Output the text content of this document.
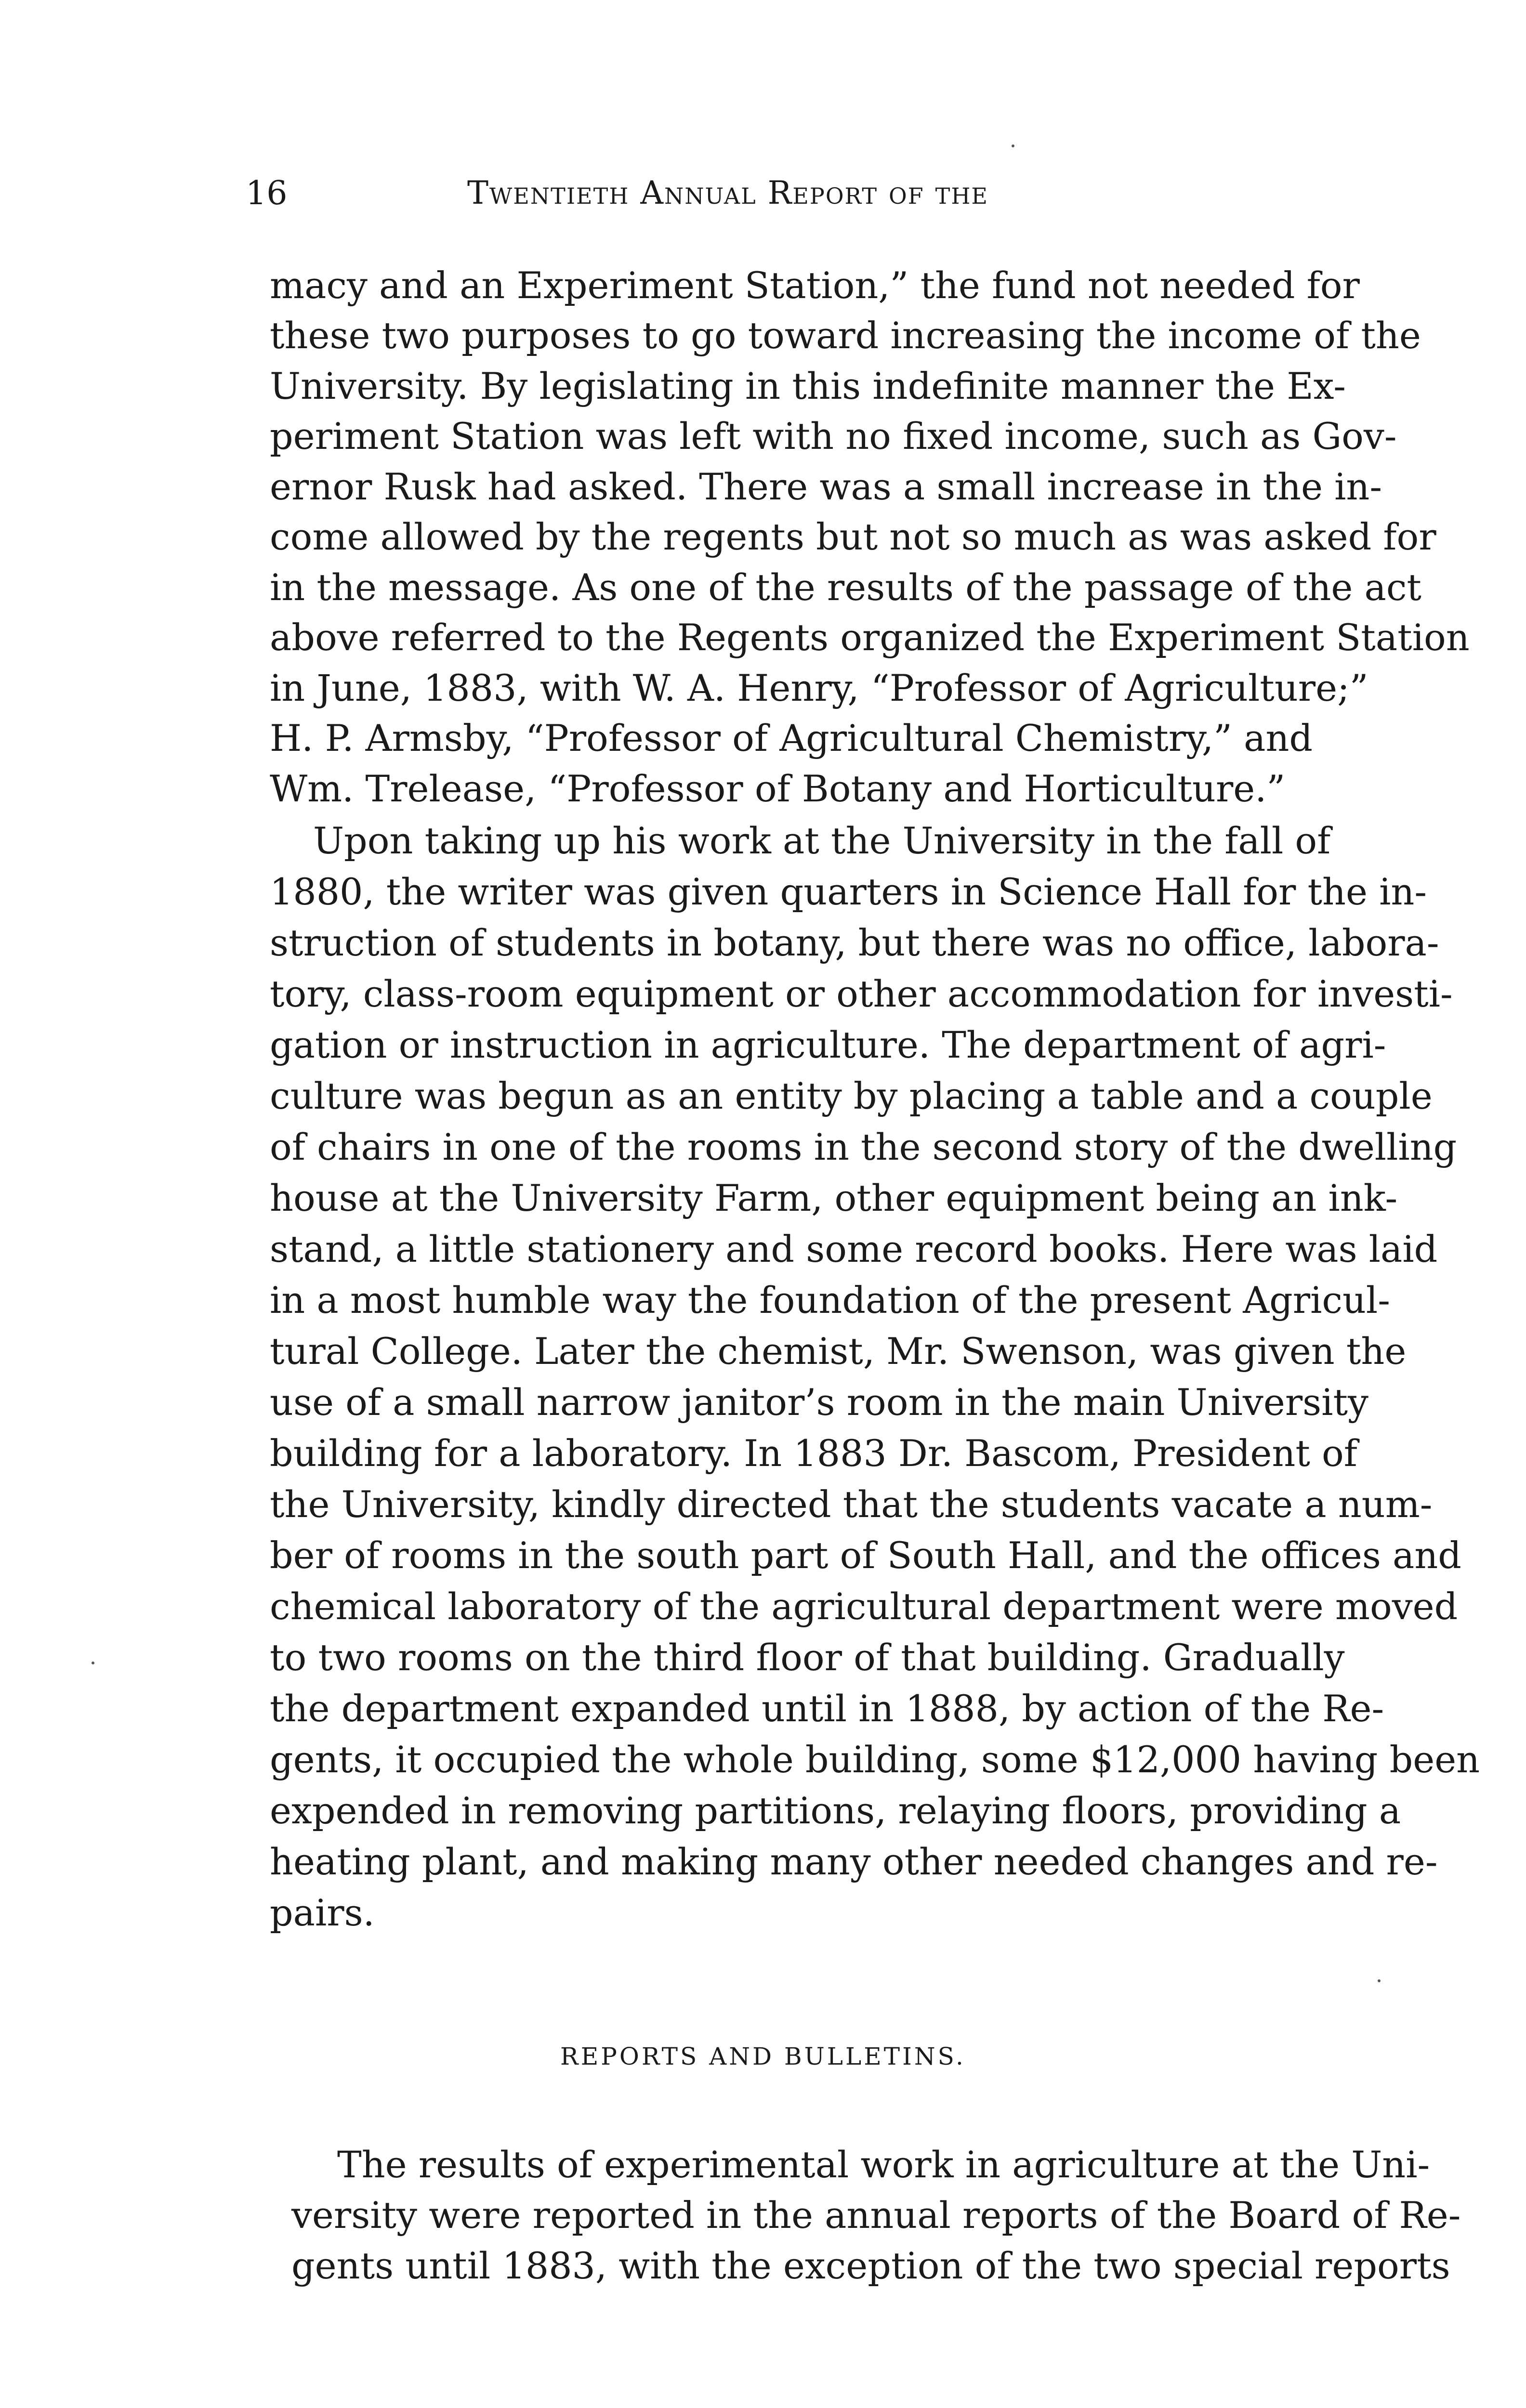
16	Twentieth Annual Report of the
macy and an Experiment Station,” the fund not needed for
these two purposes to go toward increasing the income of the
University. By legislating in this indefinite manner the Ex-
periment Station was left with no fixed income, such as Gov-
ernor Rusk had asked. There was a small increase in the in-
come allowed by the regents but not so much as was asked for
in the message. As one of the results of the passage of the act
above referred to the Regents organized the Experiment Station
in June, 1883, with W. A. Henry, “Professor of Agriculture;”
H. P. Armsby, “Professor of Agricultural Chemistry,” and
Wm. Trelease, “Professor of Botany and Horticulture.”
Upon taking up his work at the University in the fall of
1880, the writer was given quarters in Science Hall for the in-
struction of students in botany, but there was no office, labora-
tory, class-room equipment or other accommodation for investi-
gation or instruction in agriculture. The department of agri-
culture was begun as an entity by placing a table and a couple
of chairs in one of the rooms in the second story of the dwelling
house at the University Farm, other equipment being an ink-
stand, a little stationery and some record books. Here was laid
in a most humble way the foundation of the present Agricul-
tural College. Later the chemist, Mr. Swenson, was given the
use of a small narrow janitor’s room in the main University
building for a laboratory. In 1883 Dr. Bascom, President of
the University, kindly directed that the students vacate a num-
ber of rooms in the south part of South Hall, and the offices and
chemical laboratory of the agricultural department were moved
to two rooms on the third floor of that building. Gradually
the department expanded until in 1888, by action of the Re-
gents, it occupied the whole building, some $12,000 having been
expended in removing partitions, relaying floors, providing a
heating plant, and making many other needed changes and re-
pairs.
REPORTS AND BULLETINS.
The results of experimental work in agriculture at the Uni-
versity were reported in the annual reports of the Board of Re-
gents until 1883, with the exception of the two special reports
